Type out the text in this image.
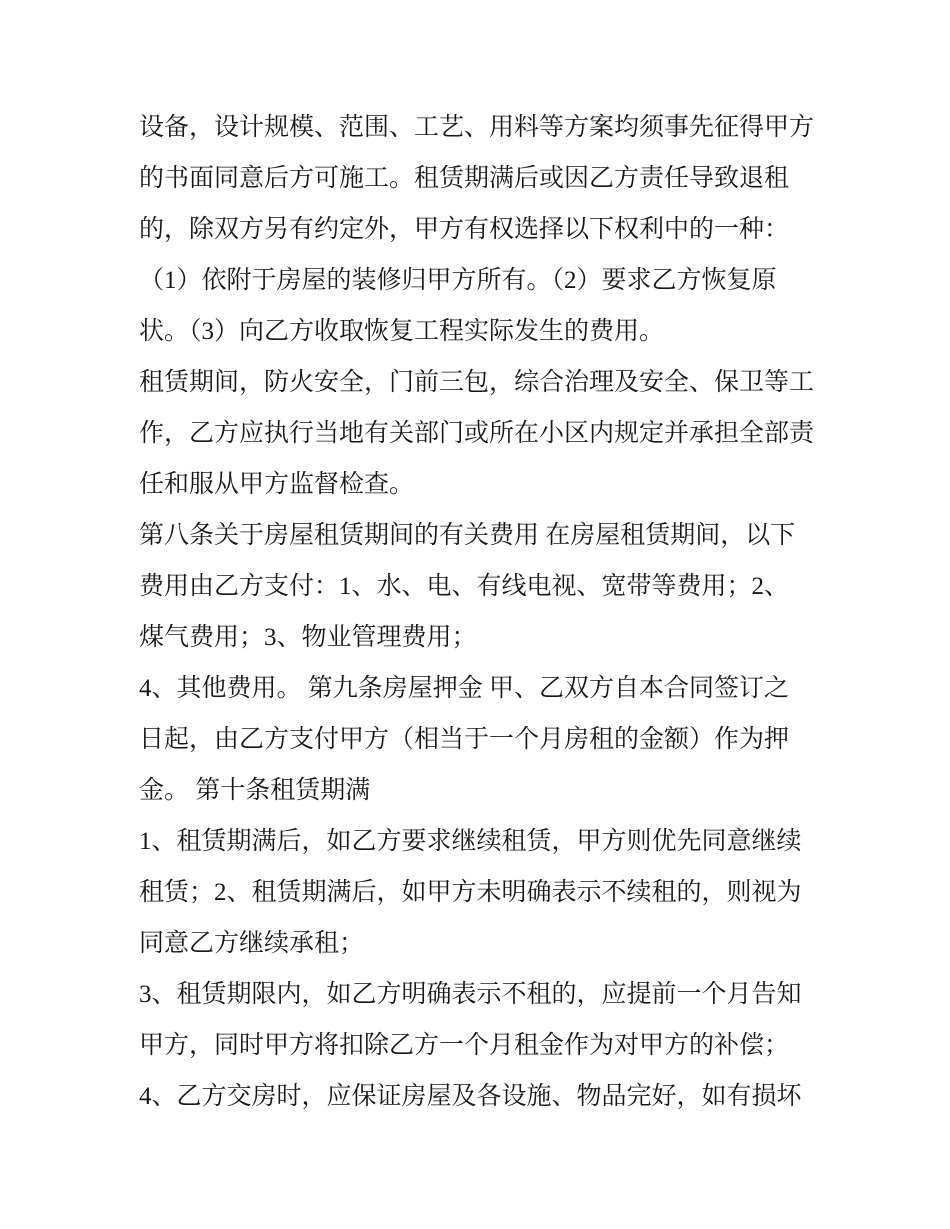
设备，设计规模、范围、工艺、用料等方案均须事先征得甲方
的书面同意后方可施工。租赁期满后或因乙方责任导致退租
的，除双方另有约定外，甲方有权选择以下权利中的一种：
（1）依附于房屋的装修归甲方所有。（2）要求乙方恢复原
状。（3）向乙方收取恢复工程实际发生的费用。
租赁期间，防火安全，门前三包，综合治理及安全、保卫等工
作，乙方应执行当地有关部门或所在小区内规定并承担全部责
任和服从甲方监督检查。
第八条关于房屋租赁期间的有关费用 在房屋租赁期间，以下
费用由乙方支付：1、水、电、有线电视、宽带等费用；2、
煤气费用；3、物业管理费用；
4、其他费用。 第九条房屋押金 甲、乙双方自本合同签订之
日起，由乙方支付甲方（相当于一个月房租的金额）作为押
金。 第十条租赁期满
1、租赁期满后，如乙方要求继续租赁，甲方则优先同意继续
租赁；2、租赁期满后，如甲方未明确表示不续租的，则视为
同意乙方继续承租；
3、租赁期限内，如乙方明确表示不租的，应提前一个月告知
甲方，同时甲方将扣除乙方一个月租金作为对甲方的补偿；
4、乙方交房时，应保证房屋及各设施、物品完好，如有损坏
